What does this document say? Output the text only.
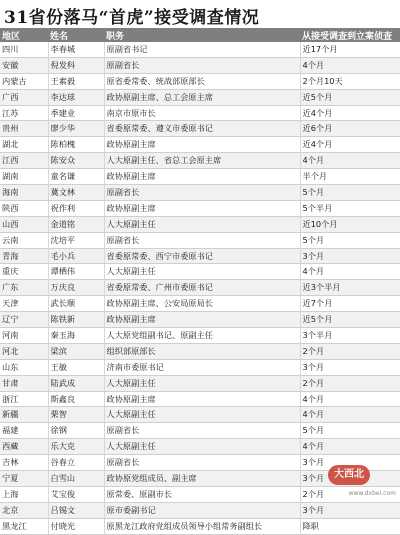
31省份落马“首虎”接受调查情况
地区	姓名	职务	从接受调查到立案侦查
四川	李春城	原副省书记	近17个月
安徽	倪发科	原副省长	4个月
内蒙古	王素毅	原省委常委、统战部原部长	2个月10天
广西	李达球	政协原副主席、总工会原主席	近5个月
江苏	季建业	南京市原市长	近4个月
贵州	廖少华	省委原常委、遵义市委原书记	近6个月
湖北	陈柏槐	政协原副主席	近4个月
江西	陈安众	人大原副主任、省总工会原主席	4个月
湖南	童名谦	政协原副主席	半个月
海南	冀文林	原副省长	5个月
陕西	祝作利	政协原副主席	5个半月
山西	金道铭	人大原副主任	近10个月
云南	沈培平	原副省长	5个月
青海	毛小兵	省委原常委、西宁市委原书记	3个月
重庆	谭栖伟	人大原副主任	4个月
广东	万庆良	省委原常委、广州市委原书记	近3个半月
天津	武长顺	政协原副主席、公安局原局长	近7个月
辽宁	陈铁新	政协原副主席	近5个月
河南	秦玉海	人大原党组副书记、原副主任	3个半月
河北	梁滨	组织部原部长	2个月
山东	王敏	济南市委原书记	3个月
甘肃	陆武成	人大原副主任	2个月
浙江	斯鑫良	政协原副主席	4个月
新疆	栗智	人大原副主任	4个月
福建	徐钢	原副省长	5个月
西藏	乐大克	人大原副主任	4个月
吉林	谷春立	原副省长	3个月
宁夏	白雪山	政协原党组成员、副主席	3个月
上海	艾宝俊	原常委、原副市长	2个月
北京	吕锡文	原市委副书记	3个月
黑龙江	付晓光	原黑龙江政府党组成员领导小组常务副组长	降职
大西北
www.dxbei.com
